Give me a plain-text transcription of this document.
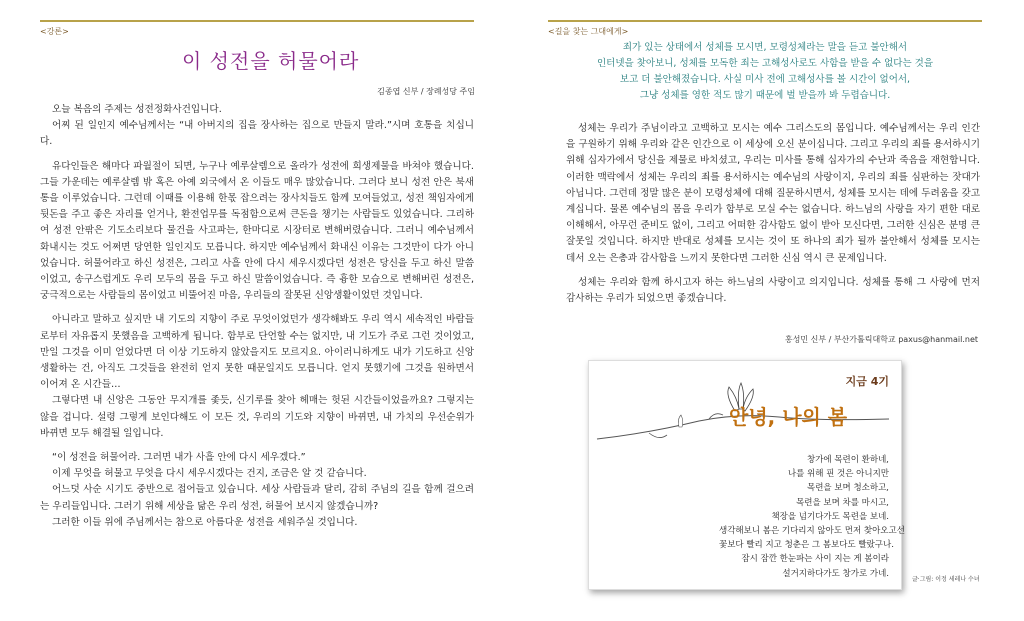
<강론>
이 성전을 허물어라
김종엽 신부 / 장례성당 주임

오늘 복음의 주제는 성전정화사건입니다.

어찌 된 일인지 예수님께서는 “내 아버지의 집을 장사하는 집으로 만들지 말라.”시며 호통을 치십니다.

유다인들은 해마다 파월절이 되면, 누구나 예루살렘으로 올라가 성전에 희생제물을 바쳐야 했습니다. 그들 가운데는 예루살렘 밖 혹은 아예 외국에서 온 이들도 매우 많았습니다. 그러다 보니 성전 안은 북새통을 이루었습니다. 그런데 이때를 이용해 한몫 잡으려는 장사치들도 함께 모여들었고, 성전 책임자에게 뒷돈을 주고 좋은 자리를 얻거나, 환전업무를 독점함으로써 큰돈을 챙기는 사람들도 있었습니다. 그리하여 성전 안팎은 기도소리보다 물건을 사고파는, 한마디로 시장터로 변해버렸습니다. 그러니 예수님께서 화내시는 것도 어쩌면 당연한 일인지도 모릅니다. 하지만 예수님께서 화내신 이유는 그것만이 다가 아니었습니다. 허물어라고 하신 성전은, 그리고 사흘 안에 다시 세우시겠다던 성전은 당신을 두고 하신 말씀이었고, 송구스럽게도 우리 모두의 몸을 두고 하신 말씀이었습니다. 즉 흉한 모습으로 변해버린 성전은, 궁극적으로는 사람들의 몸이었고 비뚤어진 마음, 우리들의 잘못된 신앙생활이었던 것입니다.

아니라고 말하고 싶지만 내 기도의 지향이 주로 무엇이었던가 생각해봐도 우리 역시 세속적인 바람들로부터 자유롭지 못했음을 고백하게 됩니다. 함부로 단언할 수는 없지만, 내 기도가 주로 그런 것이었고, 만일 그것을 이미 얻었다면 더 이상 기도하지 않았을지도 모르지요. 아이러니하게도 내가 기도하고 신앙 생활하는 건, 아직도 그것들을 완전히 얻지 못한 때문일지도 모릅니다. 얻지 못했기에 그것을 원하면서 이어져 온 시간들…

그렇다면 내 신앙은 그동안 무지개를 좇듯, 신기루를 찾아 헤매는 헛된 시간들이었을까요? 그렇지는 않을 겁니다. 설령 그렇게 보인다해도 이 모든 것, 우리의 기도와 지향이 바뀌면, 내 가치의 우선순위가 바뀌면 모두 해결될 일입니다.

“이 성전을 허물어라. 그러면 내가 사흘 안에 다시 세우겠다.”

이제 무엇을 허물고 무엇을 다시 세우시겠다는 건지, 조금은 알 것 같습니다.

어느덧 사순 시기도 중반으로 접어들고 있습니다. 세상 사람들과 달리, 감히 주님의 길을 함께 걸으려는 우리들입니다. 그러기 위해 세상을 닮은 우리 성전, 허물어 보시지 않겠습니까?

그러한 이들 위에 주님께서는 참으로 아름다운 성전을 세워주실 것입니다.

<길을 찾는 그대에게>
죄가 있는 상태에서 성체를 모시면, 모령성체라는 말을 듣고 불안해서
인터넷을 찾아보니, 성체를 모독한 죄는 고해성사로도 사함을 받을 수 없다는 것을
보고 더 불안해졌습니다. 사실 미사 전에 고해성사를 볼 시간이 없어서,
그냥 성체를 영한 적도 많기 때문에 벌 받을까 봐 두렵습니다.

성체는 우리가 주님이라고 고백하고 모시는 예수 그리스도의 몸입니다. 예수님께서는 우리 인간을 구원하기 위해 우리와 같은 인간으로 이 세상에 오신 분이십니다. 그리고 우리의 죄를 용서하시기 위해 십자가에서 당신을 제물로 바치셨고, 우리는 미사를 통해 십자가의 수난과 죽음을 재현합니다. 이러한 맥락에서 성체는 우리의 죄를 용서하시는 예수님의 사랑이지, 우리의 죄를 심판하는 잣대가 아닙니다. 그런데 정말 많은 분이 모령성체에 대해 질문하시면서, 성체를 모시는 데에 두려움을 갖고 계십니다. 물론 예수님의 몸을 우리가 함부로 모실 수는 없습니다. 하느님의 사랑을 자기 편한 대로 이해해서, 아무런 준비도 없이, 그리고 어떠한 감사함도 없이 받아 모신다면, 그러한 신심은 분명 큰 잘못일 것입니다. 하지만 반대로 성체를 모시는 것이 또 하나의 죄가 될까 불안해서 성체를 모시는 데서 오는 은총과 감사함을 느끼지 못한다면 그러한 신심 역시 큰 문제입니다.

성체는 우리와 함께 하시고자 하는 하느님의 사랑이고 의지입니다. 성체를 통해 그 사랑에 먼저 감사하는 우리가 되었으면 좋겠습니다.

홍성민 신부 / 부산가톨릭대학교 paxus@hanmail.net
지금 4기
안녕, 나의 봄
창가에 목련이 환하네,
나를 위해 핀 것은 아니지만
목련을 보며 청소하고,
목련을 보며 차를 마시고,
책장을 넘기다가도 목련을 보네.
생각해보니 봄은 기다리지 않아도 먼저 찾아오고선
꽃보다 빨리 지고 청춘은 그 봄보다도 빨랐구나.
잠시 잠깐 한눈파는 사이 지는 게 봄이라
설거지하다가도 창가로 가네.
글·그림: 이정 세레나 수녀
